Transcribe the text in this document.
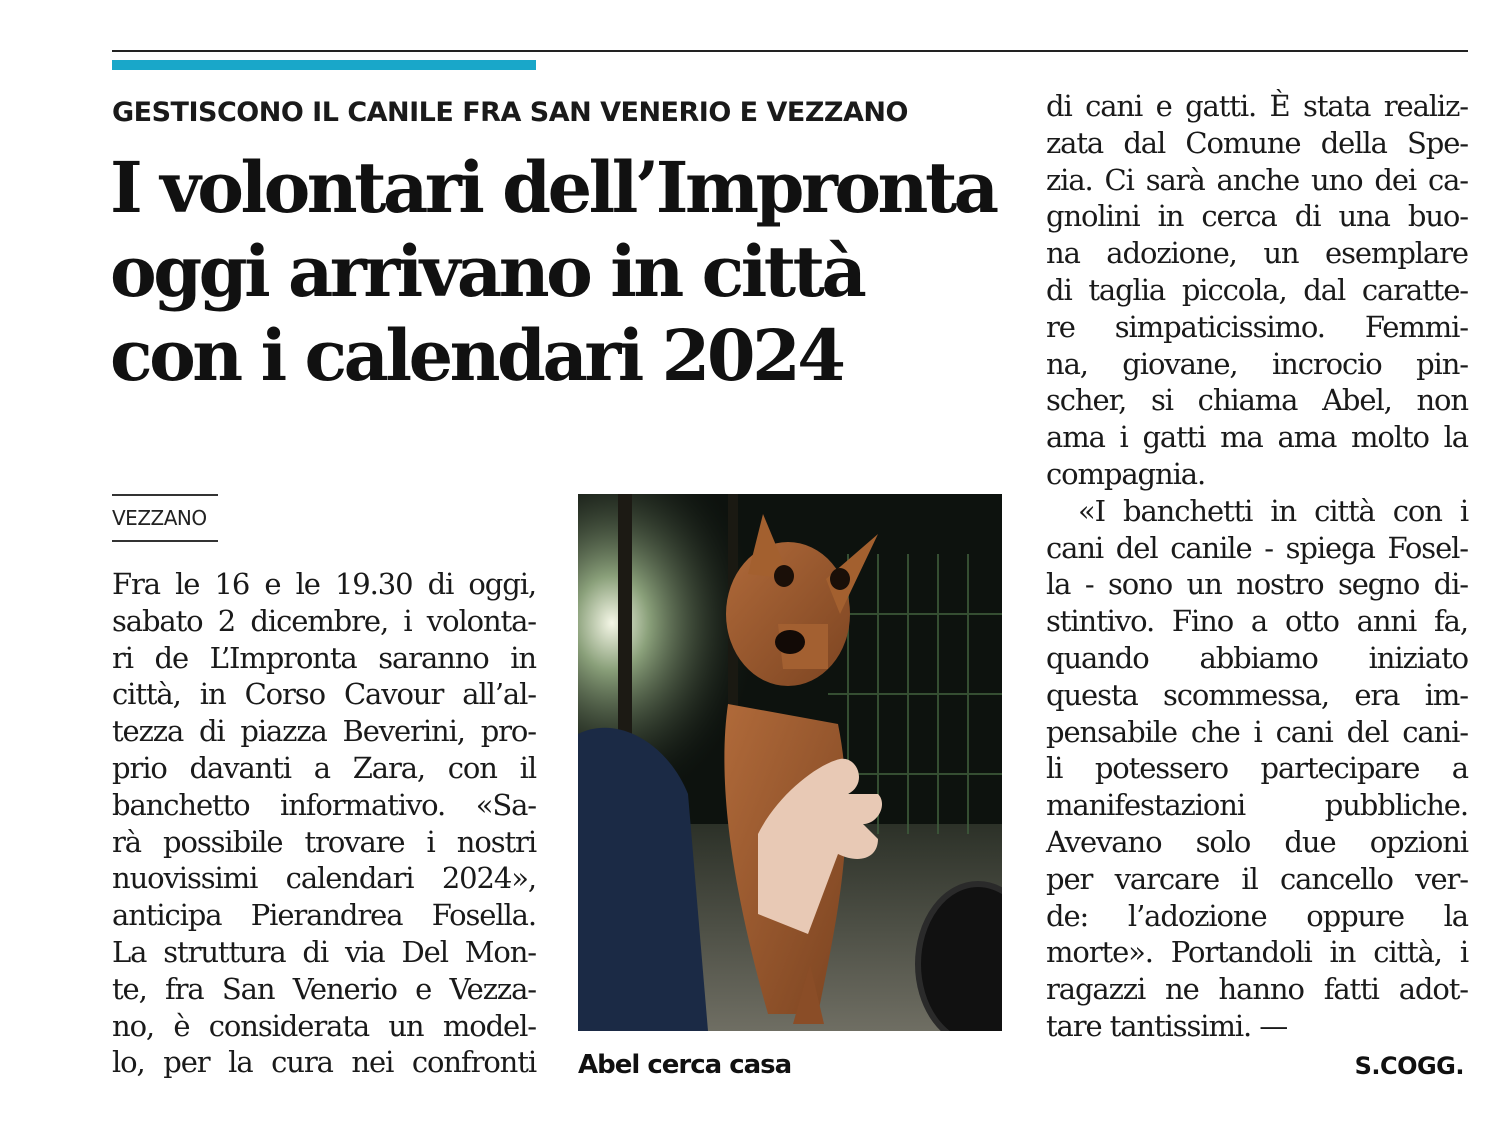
GESTISCONO IL CANILE FRA SAN VENERIO E VEZZANO
I volontari dell’Impronta
oggi arrivano in città
con i calendari 2024
VEZZANO
Fra le 16 e le 19.30 di oggi,
sabato 2 dicembre, i volonta-
ri de L’Impronta saranno in
città, in Corso Cavour all’al-
tezza di piazza Beverini, pro-
prio davanti a Zara, con il
banchetto informativo. «Sa-
rà possibile trovare i nostri
nuovissimi calendari 2024»,
anticipa Pierandrea Fosella.
La struttura di via Del Mon-
te, fra San Venerio e Vezza-
no, è considerata un model-
lo, per la cura nei confronti Abel cerca casa
di cani e gatti. È stata realiz-
zata dal Comune della Spe-
zia. Ci sarà anche uno dei ca-
gnolini in cerca di una buo-
na adozione, un esemplare
di taglia piccola, dal caratte-
re simpaticissimo. Femmi-
na, giovane, incrocio pin-
scher, si chiama Abel, non
ama i gatti ma ama molto la
compagnia.
«I banchetti in città con i
cani del canile - spiega Fosel-
la - sono un nostro segno di-
stintivo. Fino a otto anni fa,
quando abbiamo iniziato
questa scommessa, era im-
pensabile che i cani del cani-
li potessero partecipare a
manifestazioni pubbliche.
Avevano solo due opzioni
per varcare il cancello ver-
de: l’adozione oppure la
morte». Portandoli in città, i
ragazzi ne hanno fatti adot-
tare tantissimi. —
S.COGG.
